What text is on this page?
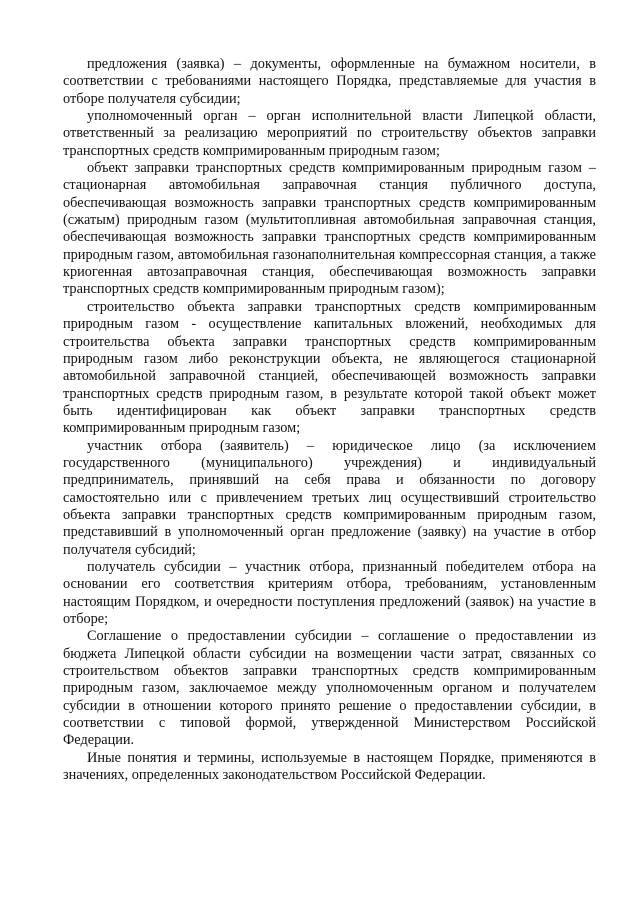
предложения (заявка) – документы, оформленные на бумажном носители, в соответствии с требованиями настоящего Порядка, представляемые для участия в отборе получателя субсидии;

уполномоченный орган – орган исполнительной власти Липецкой области, ответственный за реализацию мероприятий по строительству объектов заправки транспортных средств компримированным природным газом;

объект заправки транспортных средств компримированным природным газом – стационарная автомобильная заправочная станция публичного доступа, обеспечивающая возможность заправки транспортных средств компримированным (сжатым) природным газом (мультитопливная автомобильная заправочная станция, обеспечивающая возможность заправки транспортных средств компримированным природным газом, автомобильная газонаполнительная компрессорная станция, а также криогенная автозаправочная станция, обеспечивающая возможность заправки транспортных средств компримированным природным газом);

строительство объекта заправки транспортных средств компримированным природным газом - осуществление капитальных вложений, необходимых для строительства объекта заправки транспортных средств компримированным природным газом либо реконструкции объекта, не являющегося стационарной автомобильной заправочной станцией, обеспечивающей возможность заправки транспортных средств природным газом, в результате которой такой объект может быть идентифицирован как объект заправки транспортных средств компримированным природным газом;

участник отбора (заявитель) – юридическое лицо (за исключением государственного (муниципального) учреждения) и индивидуальный предприниматель, принявший на себя права и обязанности по договору самостоятельно или с привлечением третьих лиц осуществивший строительство объекта заправки транспортных средств компримированным природным газом, представивший в уполномоченный орган предложение (заявку) на участие в отбор получателя субсидий;

получатель субсидии – участник отбора, признанный победителем отбора на основании его соответствия критериям отбора, требованиям, установленным настоящим Порядком, и очередности поступления предложений (заявок) на участие в отборе;

Соглашение о предоставлении субсидии – соглашение о предоставлении из бюджета Липецкой области субсидии на возмещении части затрат, связанных со строительством объектов заправки транспортных средств компримированным природным газом, заключаемое между уполномоченным органом и получателем субсидии в отношении которого принято решение о предоставлении субсидии, в соответствии с типовой формой, утвержденной Министерством Российской Федерации.

Иные понятия и термины, используемые в настоящем Порядке, применяются в значениях, определенных законодательством Российской Федерации.
